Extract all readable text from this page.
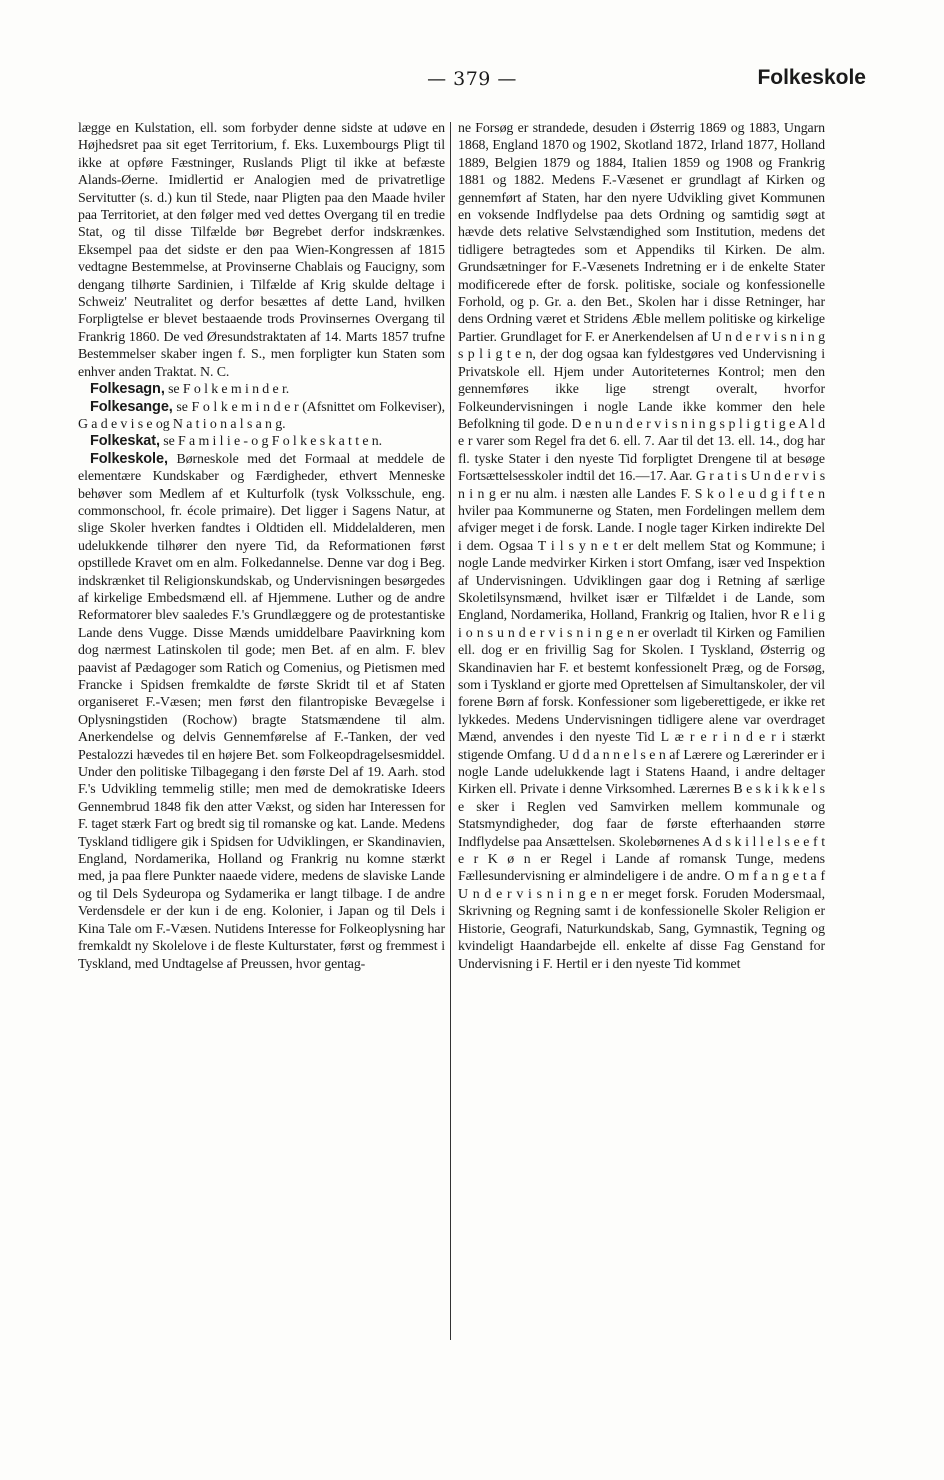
— 379 —	Folkeskole

lægge en Kulstation, ell. som forbyder denne sidste at udøve en Højhedsret paa sit eget Territorium, f. Eks. Luxembourgs Pligt til ikke at opføre Fæstninger, Ruslands Pligt til ikke at befæste Alands-Øerne. Imidlertid er Analogien med de privatretlige Servitutter (s. d.) kun til Stede, naar Pligten paa den Maade hviler paa Territoriet, at den følger med ved dettes Overgang til en tredie Stat, og til disse Tilfælde bør Begrebet derfor indskrænkes. Eksempel paa det sidste er den paa Wien-Kongressen af 1815 vedtagne Bestemmelse, at Provinserne Chablais og Faucigny, som dengang tilhørte Sardinien, i Tilfælde af Krig skulde deltage i Schweiz' Neutralitet og derfor besættes af dette Land, hvilken Forpligtelse er blevet bestaaende trods Provinsernes Overgang til Frankrig 1860. De ved Øresundstraktaten af 14. Marts 1857 trufne Bestemmelser skaber ingen f. S., men forpligter kun Staten som enhver anden Traktat. N. C.

Folkesagn, se F o l k e m i n d e r.

Folkesange, se F o l k e m i n d e r (Afsnittet om Folkeviser), G a d e v i s e og N a t i o n a l s a n g.

Folkeskat, se F a m i l i e - o g F o l k e s k a t t e n.

Folkeskole, Børneskole med det Formaal at meddele de elementære Kundskaber og Færdigheder, ethvert Menneske behøver som Medlem af et Kulturfolk (tysk Volksschule, eng. commonschool, fr. école primaire). Det ligger i Sagens Natur, at slige Skoler hverken fandtes i Oldtiden ell. Middelalderen, men udelukkende tilhører den nyere Tid, da Reformationen først opstillede Kravet om en alm. Folkedannelse. Denne var dog i Beg. indskrænket til Religionskundskab, og Undervisningen besørgedes af kirkelige Embedsmænd ell. af Hjemmene. Luther og de andre Reformatorer blev saaledes F.'s Grundlæggere og de protestantiske Lande dens Vugge. Disse Mænds umiddelbare Paavirkning kom dog nærmest Latinskolen til gode; men Bet. af en alm. F. blev paavist af Pædagoger som Ratich og Comenius, og Pietismen med Francke i Spidsen fremkaldte de første Skridt til et af Staten organiseret F.-Væsen; men først den filantropiske Bevægelse i Oplysningstiden (Rochow) bragte Statsmændene til alm. Anerkendelse og delvis Gennemførelse af F.-Tanken, der ved Pestalozzi hævedes til en højere Bet. som Folkeopdragelsesmiddel. Under den politiske Tilbagegang i den første Del af 19. Aarh. stod F.'s Udvikling temmelig stille; men med de demokratiske Ideers Gennembrud 1848 fik den atter Vækst, og siden har Interessen for F. taget stærk Fart og bredt sig til romanske og kat. Lande. Medens Tyskland tidligere gik i Spidsen for Udviklingen, er Skandinavien, England, Nordamerika, Holland og Frankrig nu komne stærkt med, ja paa flere Punkter naaede videre, medens de slaviske Lande og til Dels Sydeuropa og Sydamerika er langt tilbage. I de andre Verdensdele er der kun i de eng. Kolonier, i Japan og til Dels i Kina Tale om F.-Væsen. Nutidens Interesse for Folkeoplysning har fremkaldt ny Skolelove i de fleste Kulturstater, først og fremmest i Tyskland, med Undtagelse af Preussen, hvor gentag-

ne Forsøg er strandede, desuden i Østerrig 1869 og 1883, Ungarn 1868, England 1870 og 1902, Skotland 1872, Irland 1877, Holland 1889, Belgien 1879 og 1884, Italien 1859 og 1908 og Frankrig 1881 og 1882. Medens F.-Væsenet er grundlagt af Kirken og gennemført af Staten, har den nyere Udvikling givet Kommunen en voksende Indflydelse paa dets Ordning og samtidig søgt at hævde dets relative Selvstændighed som Institution, medens det tidligere betragtedes som et Appendiks til Kirken. De alm. Grundsætninger for F.-Væsenets Indretning er i de enkelte Stater modificerede efter de forsk. politiske, sociale og konfessionelle Forhold, og p. Gr. a. den Bet., Skolen har i disse Retninger, har dens Ordning været et Stridens Æble mellem politiske og kirkelige Partier. Grundlaget for F. er Anerkendelsen af U n d e r v i s n i n g s p l i g t e n, der dog ogsaa kan fyldestgøres ved Undervisning i Privatskole ell. Hjem under Autoriteternes Kontrol; men den gennemføres ikke lige strengt overalt, hvorfor Folkeundervisningen i nogle Lande ikke kommer den hele Befolkning til gode. D e n u n d e r v i s n i n g s p l i g t i g e A l d e r varer som Regel fra det 6. ell. 7. Aar til det 13. ell. 14., dog har fl. tyske Stater i den nyeste Tid forpligtet Drengene til at besøge Fortsættelsesskoler indtil det 16.—17. Aar. G r a t i s U n d e r v i s n i n g er nu alm. i næsten alle Landes F. S k o l e u d g i f t e n hviler paa Kommunerne og Staten, men Fordelingen mellem dem afviger meget i de forsk. Lande. I nogle tager Kirken indirekte Del i dem. Ogsaa T i l s y n e t er delt mellem Stat og Kommune; i nogle Lande medvirker Kirken i stort Omfang, især ved Inspektion af Undervisningen. Udviklingen gaar dog i Retning af særlige Skoletilsynsmænd, hvilket især er Tilfældet i de Lande, som England, Nordamerika, Holland, Frankrig og Italien, hvor R e l i g i o n s u n d e r v i s n i n g e n er overladt til Kirken og Familien ell. dog er en frivillig Sag for Skolen. I Tyskland, Østerrig og Skandinavien har F. et bestemt konfessionelt Præg, og de Forsøg, som i Tyskland er gjorte med Oprettelsen af Simultanskoler, der vil forene Børn af forsk. Konfessioner som ligeberettigede, er ikke ret lykkedes. Medens Undervisningen tidligere alene var overdraget Mænd, anvendes i den nyeste Tid L æ r e r i n d e r i stærkt stigende Omfang. U d d a n n e l s e n af Lærere og Lærerinder er i nogle Lande udelukkende lagt i Statens Haand, i andre deltager Kirken ell. Private i denne Virksomhed. Lærernes B e s k i k k e l s e sker i Reglen ved Samvirken mellem kommunale og Statsmyndigheder, dog faar de første efterhaanden større Indflydelse paa Ansættelsen. Skolebørnenes A d s k i l l e l s e e f t e r K ø n er Regel i Lande af romansk Tunge, medens Fællesundervisning er almindeligere i de andre. O m f a n g e t a f U n d e r v i s n i n g e n er meget forsk. Foruden Modersmaal, Skrivning og Regning samt i de konfessionelle Skoler Religion er Historie, Geografi, Naturkundskab, Sang, Gymnastik, Tegning og kvindeligt Haandarbejde ell. enkelte af disse Fag Genstand for Undervisning i F. Hertil er i den nyeste Tid kommet
